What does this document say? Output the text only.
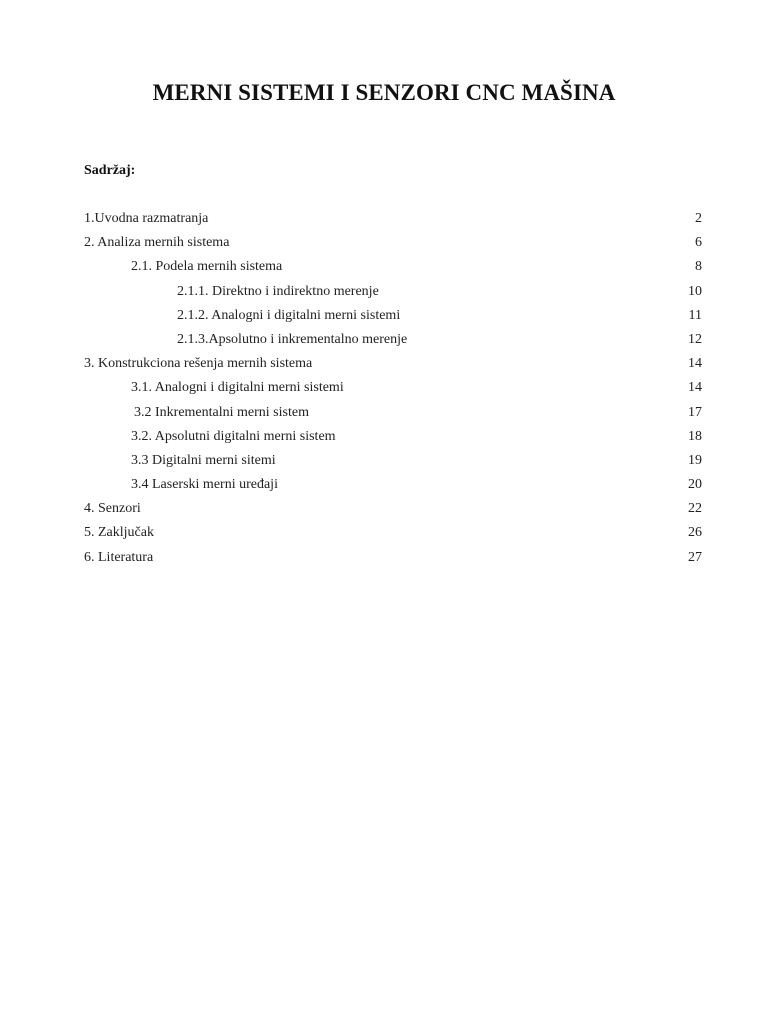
MERNI SISTEMI I SENZORI CNC MAŠINA
Sadržaj:
1.Uvodna razmatranja	2
2. Analiza mernih sistema	6
2.1. Podela mernih sistema	8
2.1.1. Direktno i indirektno merenje	10
2.1.2. Analogni i digitalni merni sistemi	11
2.1.3.Apsolutno i inkrementalno merenje	12
3. Konstrukciona rešenja mernih sistema	14
3.1. Analogni i digitalni merni sistemi	14
3.2 Inkrementalni merni sistem	17
3.2. Apsolutni digitalni merni sistem	18
3.3 Digitalni merni sitemi	19
3.4 Laserski merni uređaji	20
4. Senzori	22
5. Zaključak	26
6. Literatura	27
